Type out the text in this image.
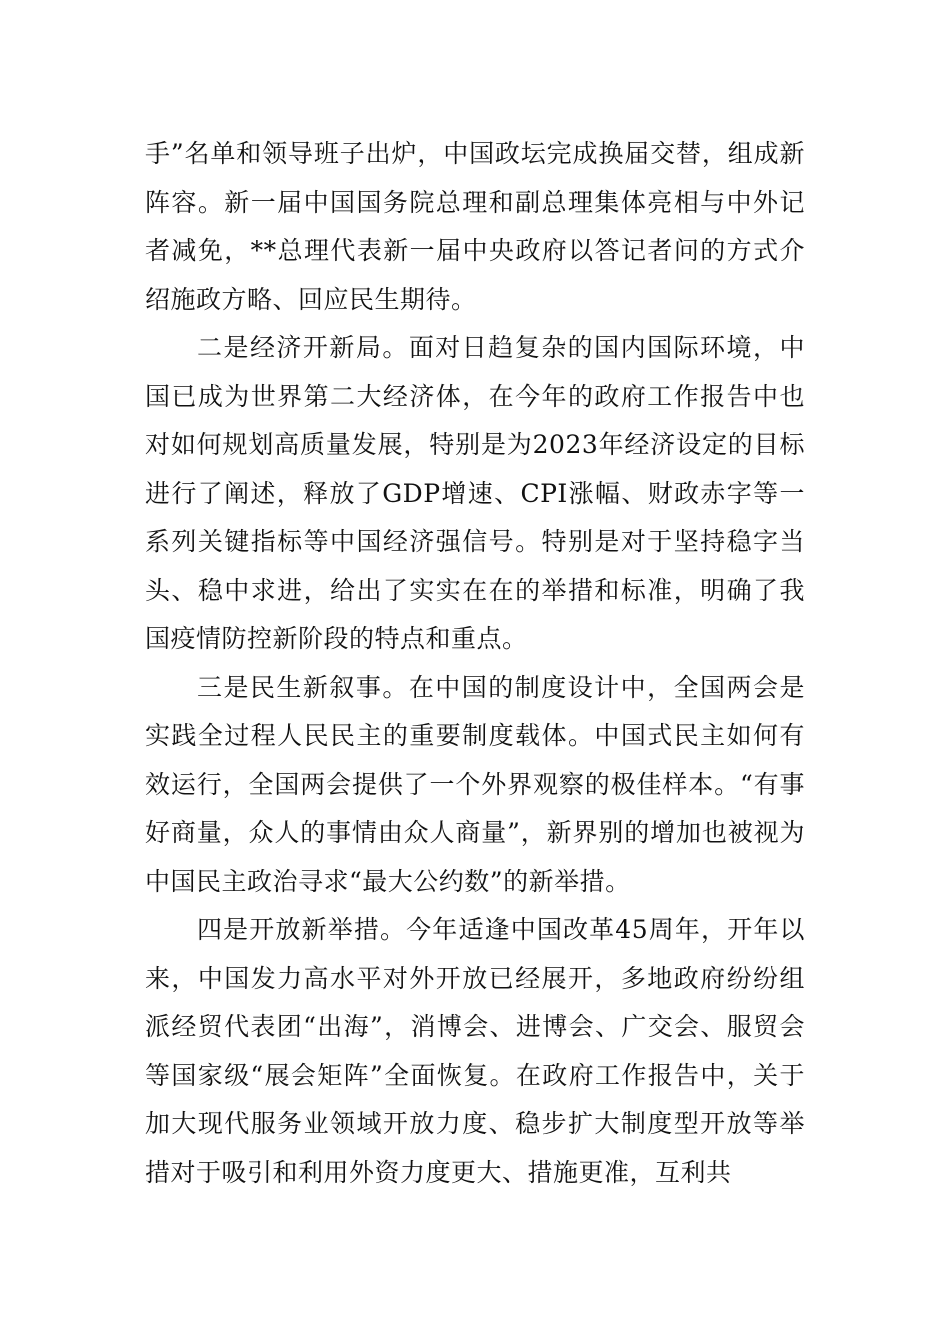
手”名单和领导班子出炉，中国政坛完成换届交替，组成新阵容。新一届中国国务院总理和副总理集体亮相与中外记者减免，**总理代表新一届中央政府以答记者问的方式介绍施政方略、回应民生期待。

二是经济开新局。面对日趋复杂的国内国际环境，中国已成为世界第二大经济体，在今年的政府工作报告中也对如何规划高质量发展，特别是为2023年经济设定的目标进行了阐述，释放了GDP增速、CPI涨幅、财政赤字等一系列关键指标等中国经济强信号。特别是对于坚持稳字当头、稳中求进，给出了实实在在的举措和标准，明确了我国疫情防控新阶段的特点和重点。

三是民生新叙事。在中国的制度设计中，全国两会是实践全过程人民民主的重要制度载体。中国式民主如何有效运行，全国两会提供了一个外界观察的极佳样本。“有事好商量，众人的事情由众人商量”，新界别的增加也被视为中国民主政治寻求“最大公约数”的新举措。

四是开放新举措。今年适逢中国改革45周年，开年以来，中国发力高水平对外开放已经展开，多地政府纷纷组派经贸代表团“出海”，消博会、进博会、广交会、服贸会等国家级“展会矩阵”全面恢复。在政府工作报告中，关于加大现代服务业领域开放力度、稳步扩大制度型开放等举措对于吸引和利用外资力度更大、措施更准，互利共
